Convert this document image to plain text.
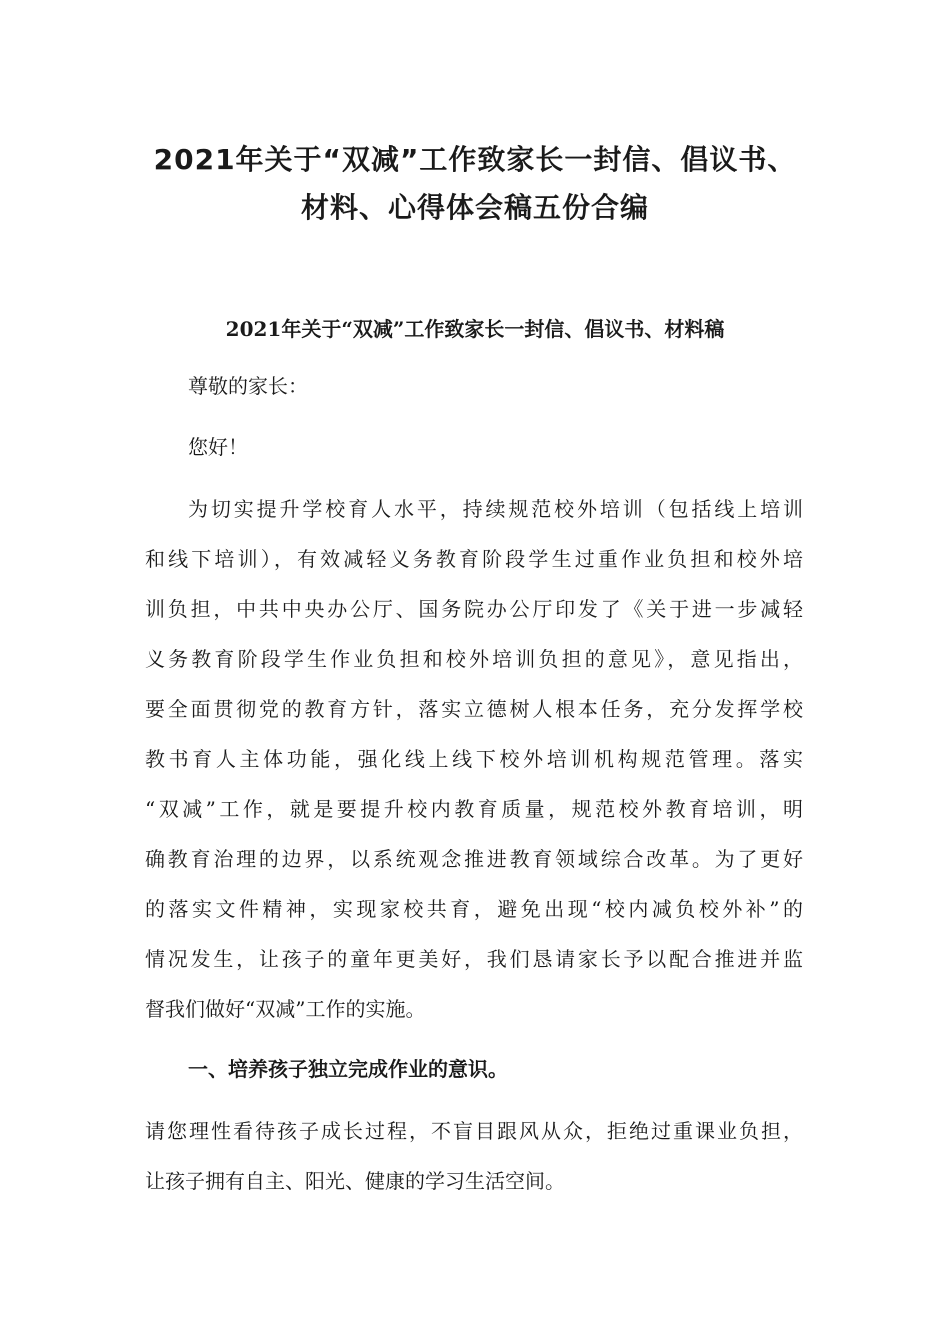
2021年关于“双减”工作致家长一封信、倡议书、
材料、心得体会稿五份合编
2021年关于“双减”工作致家长一封信、倡议书、材料稿

尊敬的家长：

您好！

为切实提升学校育人水平，持续规范校外培训（包括线上培训

和线下培训），有效减轻义务教育阶段学生过重作业负担和校外培

训负担，中共中央办公厅、国务院办公厅印发了《关于进一步减轻

义务教育阶段学生作业负担和校外培训负担的意见》，意见指出，

要全面贯彻党的教育方针，落实立德树人根本任务，充分发挥学校

教书育人主体功能，强化线上线下校外培训机构规范管理。落实

“双减”工作，就是要提升校内教育质量，规范校外教育培训，明

确教育治理的边界，以系统观念推进教育领域综合改革。为了更好

的落实文件精神，实现家校共育，避免出现“校内减负校外补”的

情况发生，让孩子的童年更美好，我们恳请家长予以配合推进并监

督我们做好“双减”工作的实施。

一、培养孩子独立完成作业的意识。

请您理性看待孩子成长过程，不盲目跟风从众，拒绝过重课业负担，

让孩子拥有自主、阳光、健康的学习生活空间。
